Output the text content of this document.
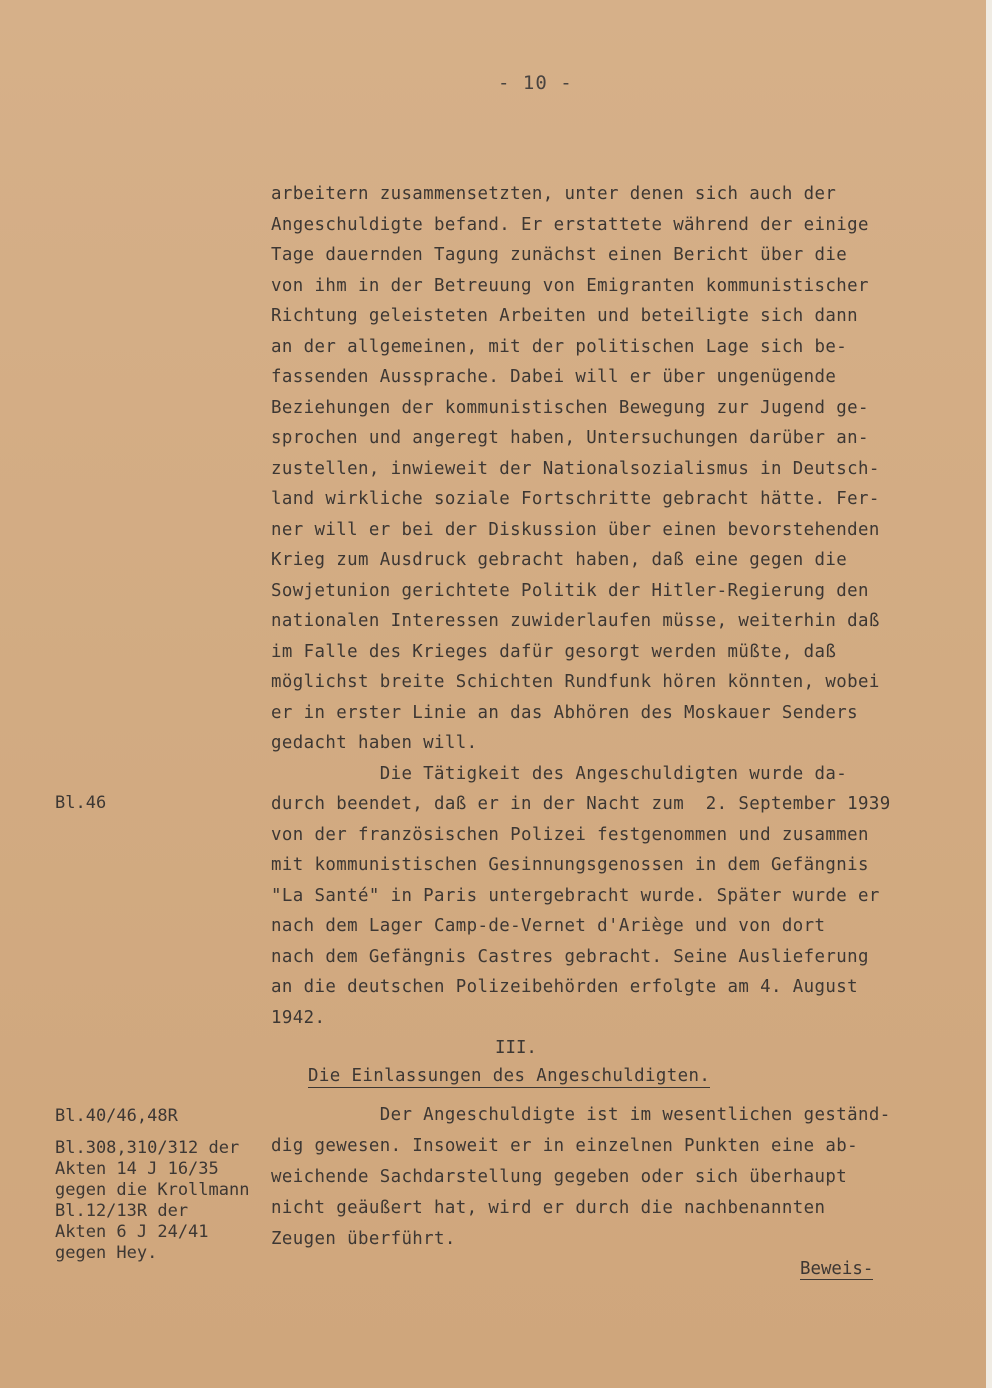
- 10 -
arbeitern zusammensetzten, unter denen sich auch der
Angeschuldigte befand. Er erstattete während der einige
Tage dauernden Tagung zunächst einen Bericht über die
von ihm in der Betreuung von Emigranten kommunistischer
Richtung geleisteten Arbeiten und beteiligte sich dann
an der allgemeinen, mit der politischen Lage sich be-
fassenden Aussprache. Dabei will er über ungenügende
Beziehungen der kommunistischen Bewegung zur Jugend ge-
sprochen und angeregt haben, Untersuchungen darüber an-
zustellen, inwieweit der Nationalsozialismus in Deutsch-
land wirkliche soziale Fortschritte gebracht hätte. Fer-
ner will er bei der Diskussion über einen bevorstehenden
Krieg zum Ausdruck gebracht haben, daß eine gegen die
Sowjetunion gerichtete Politik der Hitler-Regierung den
nationalen Interessen zuwiderlaufen müsse, weiterhin daß
im Falle des Krieges dafür gesorgt werden müßte, daß
möglichst breite Schichten Rundfunk hören könnten, wobei
er in erster Linie an das Abhören des Moskauer Senders
gedacht haben will.
Die Tätigkeit des Angeschuldigten wurde da-
durch beendet, daß er in der Nacht zum  2. September 1939
von der französischen Polizei festgenommen und zusammen
mit kommunistischen Gesinnungsgenossen in dem Gefängnis
"La Santé" in Paris untergebracht wurde. Später wurde er
nach dem Lager Camp-de-Vernet d'Ariège und von dort
nach dem Gefängnis Castres gebracht. Seine Auslieferung
an die deutschen Polizeibehörden erfolgte am 4. August
1942.
III.
Die Einlassungen des Angeschuldigten.
Der Angeschuldigte ist im wesentlichen geständ-
dig gewesen. Insoweit er in einzelnen Punkten eine ab-
weichende Sachdarstellung gegeben oder sich überhaupt
nicht geäußert hat, wird er durch die nachbenannten
Zeugen überführt.
Beweis-
Bl.46
Bl.40/46,48R
Bl.308,310/312 der
Akten 14 J 16/35
gegen die Krollmann
Bl.12/13R der
Akten 6 J 24/41
gegen Hey.
